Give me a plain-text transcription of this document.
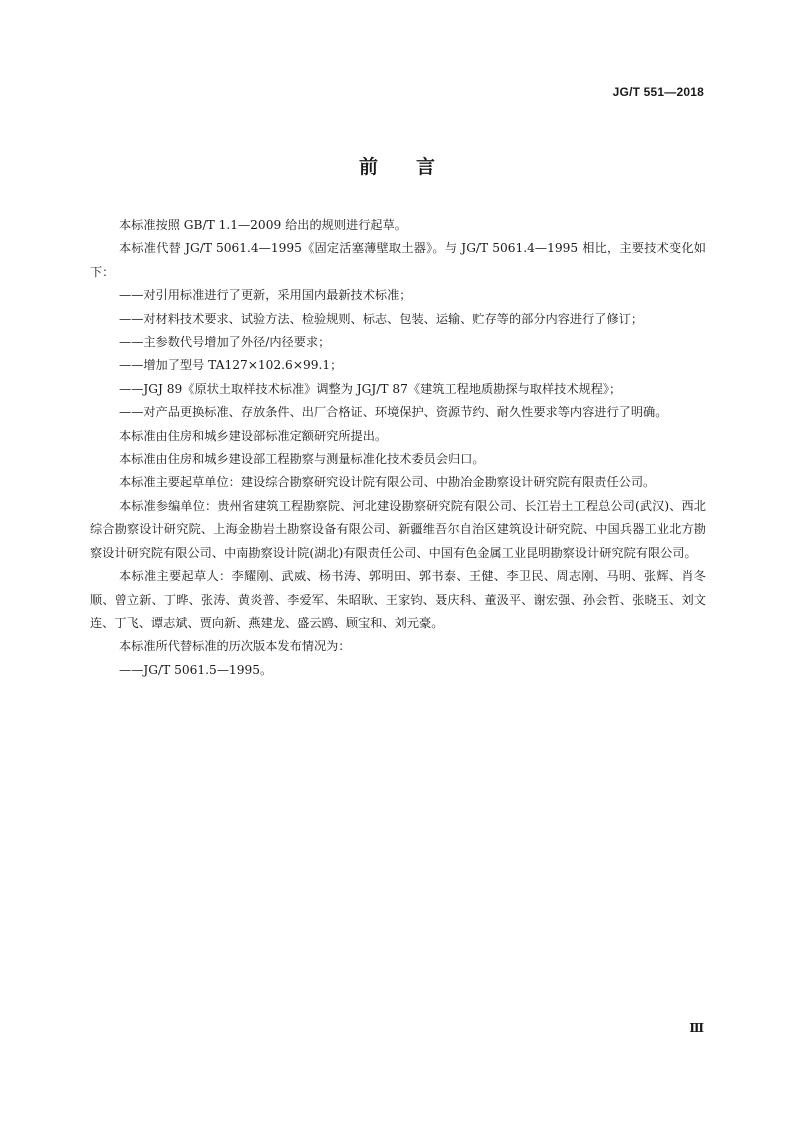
JG/T 551—2018
前 言

本标准按照 GB/T 1.1—2009 给出的规则进行起草。

本标准代替 JG/T 5061.4—1995《固定活塞薄壁取土器》。与 JG/T 5061.4—1995 相比，主要技术变化如下：

——对引用标准进行了更新，采用国内最新技术标准；

——对材料技术要求、试验方法、检验规则、标志、包装、运输、贮存等的部分内容进行了修订；

——主参数代号增加了外径/内径要求；

——增加了型号 TA127×102.6×99.1；

——JGJ 89《原状土取样技术标准》调整为 JGJ/T 87《建筑工程地质勘探与取样技术规程》；

——对产品更换标准、存放条件、出厂合格证、环境保护、资源节约、耐久性要求等内容进行了明确。

本标准由住房和城乡建设部标准定额研究所提出。

本标准由住房和城乡建设部工程勘察与测量标准化技术委员会归口。

本标准主要起草单位：建设综合勘察研究设计院有限公司、中勘冶金勘察设计研究院有限责任公司。

本标准参编单位：贵州省建筑工程勘察院、河北建设勘察研究院有限公司、长江岩土工程总公司(武汉)、西北综合勘察设计研究院、上海金勘岩土勘察设备有限公司、新疆维吾尔自治区建筑设计研究院、中国兵器工业北方勘察设计研究院有限公司、中南勘察设计院(湖北)有限责任公司、中国有色金属工业昆明勘察设计研究院有限公司。

本标准主要起草人：李耀刚、武威、杨书涛、郭明田、郭书泰、王健、李卫民、周志刚、马明、张辉、肖冬顺、曾立新、丁晔、张涛、黄炎普、李爱军、朱昭耿、王家钧、聂庆科、董汲平、谢宏强、孙会哲、张晓玉、刘文连、丁飞、谭志斌、贾向新、燕建龙、盛云鸥、顾宝和、刘元豪。

本标准所代替标准的历次版本发布情况为：

——JG/T 5061.5—1995。

Ⅲ
